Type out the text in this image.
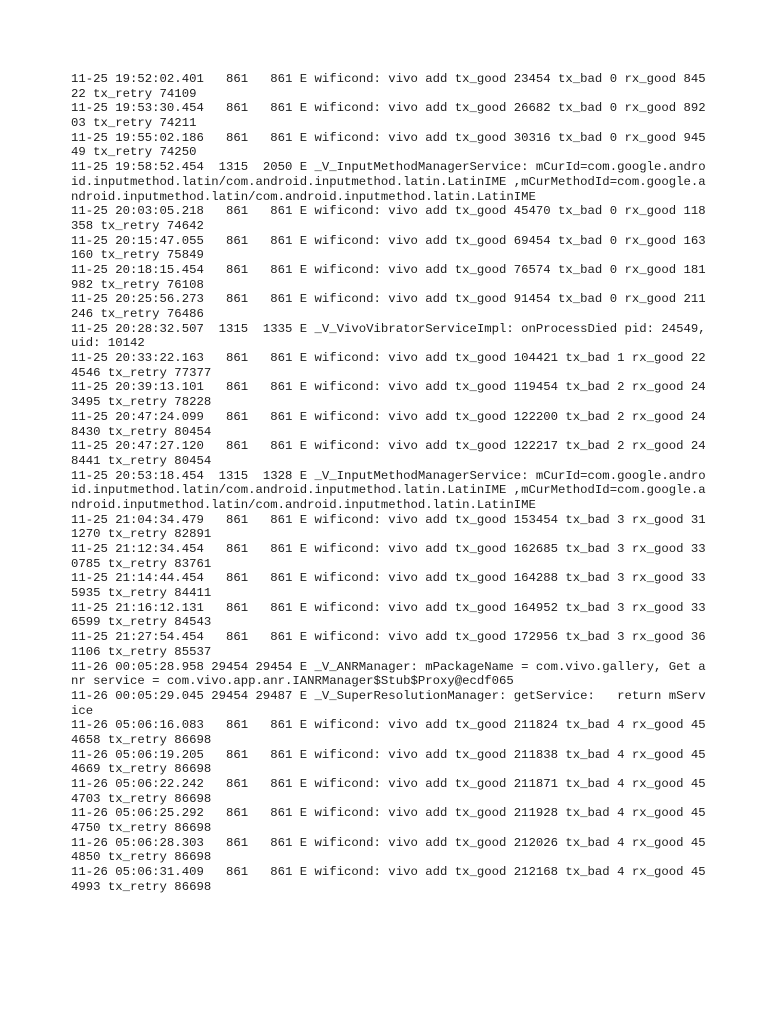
11-25 19:52:02.401   861   861 E wificond: vivo add tx_good 23454 tx_bad 0 rx_good 84522 tx_retry 74109

11-25 19:53:30.454   861   861 E wificond: vivo add tx_good 26682 tx_bad 0 rx_good 89203 tx_retry 74211

11-25 19:55:02.186   861   861 E wificond: vivo add tx_good 30316 tx_bad 0 rx_good 94549 tx_retry 74250

11-25 19:58:52.454  1315  2050 E _V_InputMethodManagerService: mCurId=com.google.android.inputmethod.latin/com.android.inputmethod.latin.LatinIME ,mCurMethodId=com.google.android.inputmethod.latin/com.android.inputmethod.latin.LatinIME

11-25 20:03:05.218   861   861 E wificond: vivo add tx_good 45470 tx_bad 0 rx_good 118358 tx_retry 74642

11-25 20:15:47.055   861   861 E wificond: vivo add tx_good 69454 tx_bad 0 rx_good 163160 tx_retry 75849

11-25 20:18:15.454   861   861 E wificond: vivo add tx_good 76574 tx_bad 0 rx_good 181982 tx_retry 76108

11-25 20:25:56.273   861   861 E wificond: vivo add tx_good 91454 tx_bad 0 rx_good 211246 tx_retry 76486

11-25 20:28:32.507  1315  1335 E _V_VivoVibratorServiceImpl: onProcessDied pid: 24549,uid: 10142

11-25 20:33:22.163   861   861 E wificond: vivo add tx_good 104421 tx_bad 1 rx_good 224546 tx_retry 77377

11-25 20:39:13.101   861   861 E wificond: vivo add tx_good 119454 tx_bad 2 rx_good 243495 tx_retry 78228

11-25 20:47:24.099   861   861 E wificond: vivo add tx_good 122200 tx_bad 2 rx_good 248430 tx_retry 80454

11-25 20:47:27.120   861   861 E wificond: vivo add tx_good 122217 tx_bad 2 rx_good 248441 tx_retry 80454

11-25 20:53:18.454  1315  1328 E _V_InputMethodManagerService: mCurId=com.google.android.inputmethod.latin/com.android.inputmethod.latin.LatinIME ,mCurMethodId=com.google.android.inputmethod.latin/com.android.inputmethod.latin.LatinIME

11-25 21:04:34.479   861   861 E wificond: vivo add tx_good 153454 tx_bad 3 rx_good 311270 tx_retry 82891

11-25 21:12:34.454   861   861 E wificond: vivo add tx_good 162685 tx_bad 3 rx_good 330785 tx_retry 83761

11-25 21:14:44.454   861   861 E wificond: vivo add tx_good 164288 tx_bad 3 rx_good 335935 tx_retry 84411

11-25 21:16:12.131   861   861 E wificond: vivo add tx_good 164952 tx_bad 3 rx_good 336599 tx_retry 84543

11-25 21:27:54.454   861   861 E wificond: vivo add tx_good 172956 tx_bad 3 rx_good 361106 tx_retry 85537

11-26 00:05:28.958 29454 29454 E _V_ANRManager: mPackageName = com.vivo.gallery, Get anr service = com.vivo.app.anr.IANRManager$Stub$Proxy@ecdf065

11-26 00:05:29.045 29454 29487 E _V_SuperResolutionManager: getService:   return mService

11-26 05:06:16.083   861   861 E wificond: vivo add tx_good 211824 tx_bad 4 rx_good 454658 tx_retry 86698

11-26 05:06:19.205   861   861 E wificond: vivo add tx_good 211838 tx_bad 4 rx_good 454669 tx_retry 86698

11-26 05:06:22.242   861   861 E wificond: vivo add tx_good 211871 tx_bad 4 rx_good 454703 tx_retry 86698

11-26 05:06:25.292   861   861 E wificond: vivo add tx_good 211928 tx_bad 4 rx_good 454750 tx_retry 86698

11-26 05:06:28.303   861   861 E wificond: vivo add tx_good 212026 tx_bad 4 rx_good 454850 tx_retry 86698

11-26 05:06:31.409   861   861 E wificond: vivo add tx_good 212168 tx_bad 4 rx_good 454993 tx_retry 86698
